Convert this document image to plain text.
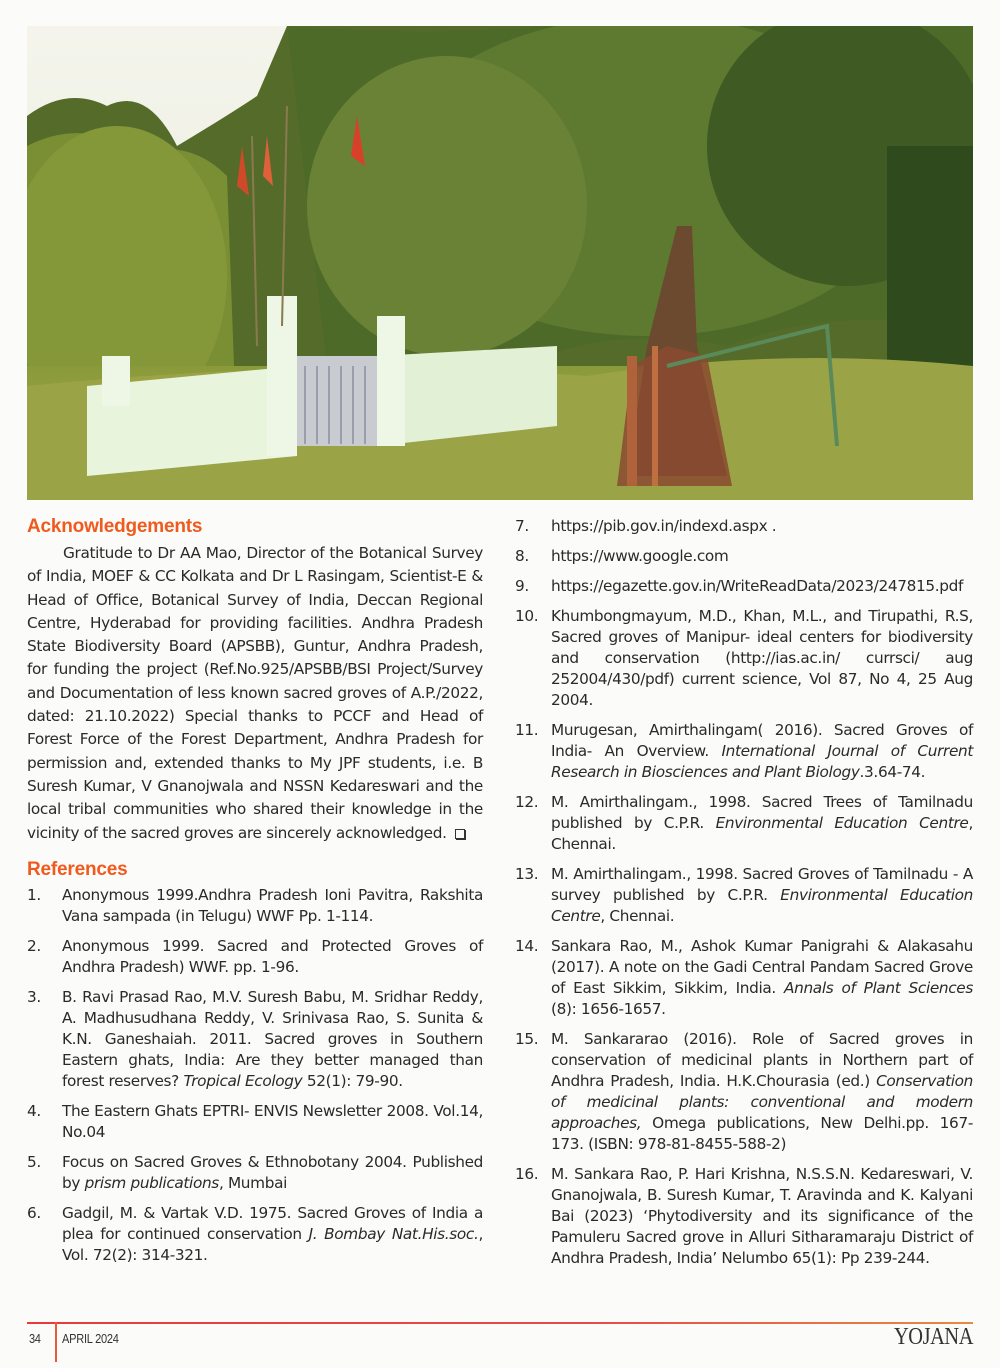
Acknowledgements

Gratitude to Dr AA Mao, Director of the Botanical Survey of India, MOEF & CC Kolkata and Dr L Rasingam, Scientist-E & Head of Office, Botanical Survey of India, Deccan Regional Centre, Hyderabad for providing facilities. Andhra Pradesh State Biodiversity Board (APSBB), Guntur, Andhra Pradesh, for funding the project (Ref.No.925/APSBB/BSI Project/Survey and Documentation of less known sacred groves of A.P./2022, dated: 21.10.2022) Special thanks to PCCF and Head of Forest Force of the Forest Department, Andhra Pradesh for permission and, extended thanks to My JPF students, i.e. B Suresh Kumar, V Gnanojwala and NSSN Kedareswari and the local tribal communities who shared their knowledge in the vicinity of the sacred groves are sincerely acknowledged.

References
1.	Anonymous 1999.Andhra Pradesh Ioni Pavitra, Rakshita Vana sampada (in Telugu) WWF Pp. 1-114.
2.	Anonymous 1999. Sacred and Protected Groves of Andhra Pradesh) WWF. pp. 1-96.
3.	B. Ravi Prasad Rao, M.V. Suresh Babu, M. Sridhar Reddy, A. Madhusudhana Reddy, V. Srinivasa Rao, S. Sunita & K.N. Ganeshaiah. 2011. Sacred groves in Southern Eastern ghats, India: Are they better managed than forest reserves? Tropical Ecology 52(1): 79-90.
4.	The Eastern Ghats EPTRI- ENVIS Newsletter 2008. Vol.14, No.04
5.	Focus on Sacred Groves & Ethnobotany 2004. Published by prism publications, Mumbai
6.	Gadgil, M. & Vartak V.D. 1975. Sacred Groves of India a plea for continued conservation J. Bombay Nat.His.soc., Vol. 72(2): 314-321.
7.	https://pib.gov.in/indexd.aspx .
8.	https://www.google.com
9.	https://egazette.gov.in/WriteReadData/2023/247815.pdf
10. Khumbongmayum, M.D., Khan, M.L., and Tirupathi, R.S, Sacred groves of Manipur- ideal centers for biodiversity and conservation (http://ias.ac.in/ currsci/ aug 252004/430/pdf) current science, Vol 87, No 4, 25 Aug 2004.
11. Murugesan, Amirthalingam( 2016). Sacred Groves of India- An Overview. International Journal of Current Research in Biosciences and Plant Biology.3.64-74.
12. M. Amirthalingam., 1998. Sacred Trees of Tamilnadu published by C.P.R. Environmental Education Centre, Chennai.
13. M. Amirthalingam., 1998. Sacred Groves of Tamilnadu - A survey published by C.P.R. Environmental Education Centre, Chennai.
14. Sankara Rao, M., Ashok Kumar Panigrahi & Alakasahu (2017). A note on the Gadi Central Pandam Sacred Grove of East Sikkim, Sikkim, India. Annals of Plant Sciences (8): 1656-1657.
15. M. Sankararao (2016). Role of Sacred groves in conservation of medicinal plants in Northern part of Andhra Pradesh, India. H.K.Chourasia (ed.) Conservation of medicinal plants: conventional and modern approaches, Omega publications, New Delhi.pp. 167-173. (ISBN: 978-81-8455-588-2)
16. M. Sankara Rao, P. Hari Krishna, N.S.S.N. Kedareswari, V. Gnanojwala, B. Suresh Kumar, T. Aravinda and K. Kalyani Bai (2023) ‘Phytodiversity and its significance of the Pamuleru Sacred grove in Alluri Sitharamaraju District of Andhra Pradesh, India’ Nelumbo 65(1): Pp 239-244.
34 APRIL 2024	YOJANA
